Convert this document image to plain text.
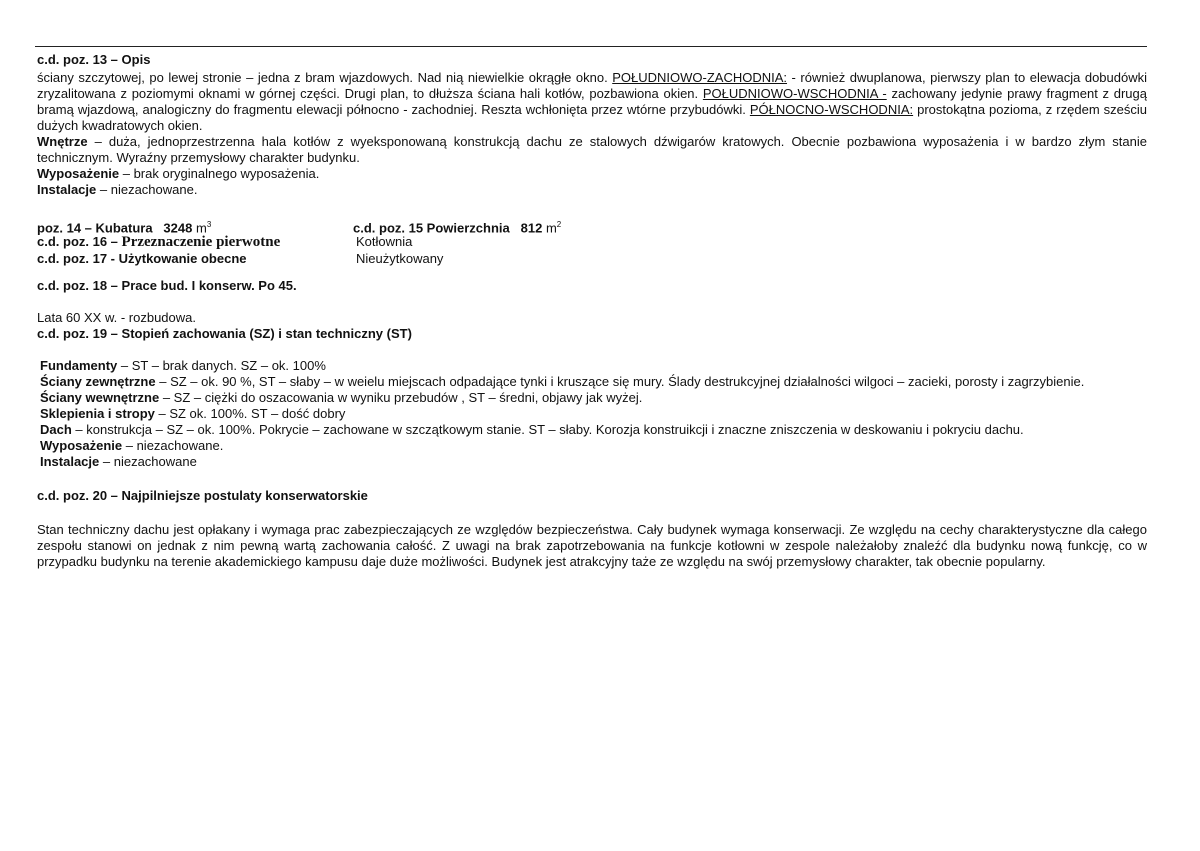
c.d. poz. 13 – Opis

ściany szczytowej, po lewej stronie – jedna z bram wjazdowych. Nad nią niewielkie okrągłe okno. POŁUDNIOWO-ZACHODNIA: - również dwuplanowa, pierwszy plan to elewacja dobudówki zryzalitowana z poziomymi oknami w górnej części. Drugi plan, to dłuższa ściana hali kotłów, pozbawiona okien. POŁUDNIOWO-WSCHODNIA - zachowany jedynie prawy fragment z drugą bramą wjazdową, analogiczny do fragmentu elewacji północno - zachodniej. Reszta wchłonięta przez wtórne przybudówki. PÓŁNOCNO-WSCHODNIA: prostokątna pozioma, z rzędem sześciu dużych kwadratowych okien.

Wnętrze – duża, jednoprzestrzenna hala kotłów z wyeksponowaną konstrukcją dachu ze stalowych dźwigarów kratowych. Obecnie pozbawiona wyposażenia i w bardzo złym stanie technicznym. Wyraźny przemysłowy charakter budynku.

Wyposażenie – brak oryginalnego wyposażenia.

Instalacje – niezachowane.

poz. 14 – Kubatura 3248 $m^3$	c.d. poz. 15 Powierzchnia 812 $m^2$
c.d. poz. 16 – Przeznaczenie pierwotne	Kotłownia
c.d. poz. 17 - Użytkowanie obecne	Nieużytkowany

c.d. poz. 18 – Prace bud. I konserw. Po 45.

Lata 60 XX w. - rozbudowa.

c.d. poz. 19 – Stopień zachowania (SZ) i stan techniczny (ST)

Fundamenty – ST – brak danych. SZ – ok. 100%

Ściany zewnętrzne – SZ – ok. 90 %, ST – słaby – w weielu miejscach odpadające tynki i kruszące się mury. Ślady destrukcyjnej działalności wilgoci – zacieki, porosty i zagrzybienie.

Ściany wewnętrzne – SZ – ciężki do oszacowania w wyniku przebudów , ST – średni, objawy jak wyżej.

Sklepienia i stropy – SZ ok. 100%. ST – dość dobry

Dach – konstrukcja – SZ – ok. 100%. Pokrycie – zachowane w szczątkowym stanie. ST – słaby. Korozja konstruikcji i znaczne zniszczenia w deskowaniu i pokryciu dachu.

Wyposażenie – niezachowane.

Instalacje – niezachowane

c.d. poz. 20 – Najpilniejsze postulaty konserwatorskie

Stan techniczny dachu jest opłakany i wymaga prac zabezpieczających ze względów bezpieczeństwa. Cały budynek wymaga konserwacji. Ze względu na cechy charakterystyczne dla całego zespołu stanowi on jednak z nim pewną wartą zachowania całość. Z uwagi na brak zapotrzebowania na funkcje kotłowni w zespole należałoby znaleźć dla budynku nową funkcję, co w przypadku budynku na terenie akademickiego kampusu daje duże możliwości. Budynek jest atrakcyjny taże ze względu na swój przemysłowy charakter, tak obecnie popularny.
